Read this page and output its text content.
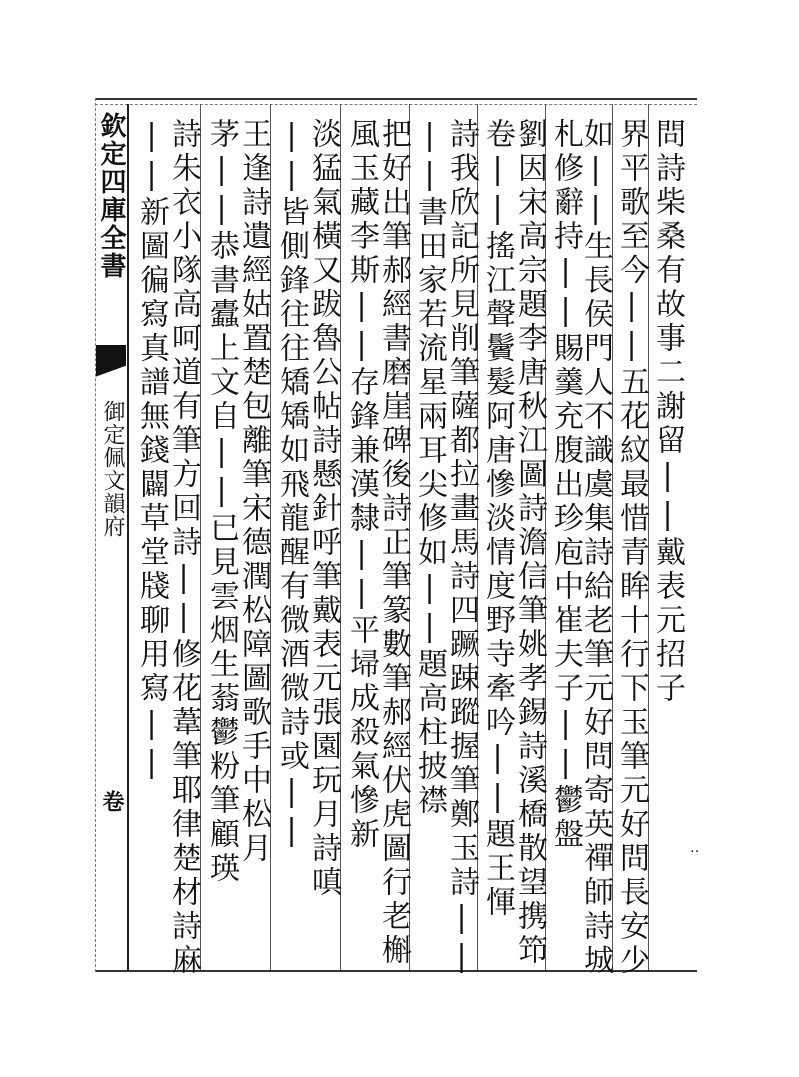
欽定四庫全書
御定佩文韻府
卷
問詩柴桑有故事二謝留||戴表元招子
界平歌至今||五花紋最惜青眸十行下玉筆元好問長安少
如||生長侯門人不識虞集詩給老筆元好問寄英禪師詩城
札修辭持||賜羹充腹出珍庖中崔夫子||鬱盤
劉因宋高宗題李唐秋江圖詩澹信筆姚孝錫詩溪橋散望携笻
卷||搖江聲鬢髮阿唐慘淡情度野寺牽吟||題王惲
詩我欣記所見削筆薩都拉畫馬詩四蹶踈蹤握筆鄭玉詩||
||書田家若流星兩耳尖修如||題高柱披襟
把好出筆郝經書磨崖碑後詩正筆篆數筆郝經伏虎圖行老槲
風玉藏李斯||存鋒兼漢隸||平埽成殺氣慘新
淡猛氣橫又跋魯公帖詩懸針呼筆戴表元張園玩月詩嗔
||皆側鋒往往矯矯如飛龍醒有微酒微詩或||
王逢詩遺經姑置楚包離筆宋德潤松障圖歌手中松月
茅||恭書蠹上文自||已見雲烟生蓊鬱粉筆顧瑛
詩朱衣小隊高呵道有筆方回詩||修花葦筆耶律楚材詩麻
||新圖徧寫真譜無錢闢草堂牋聊用寫||
‥
